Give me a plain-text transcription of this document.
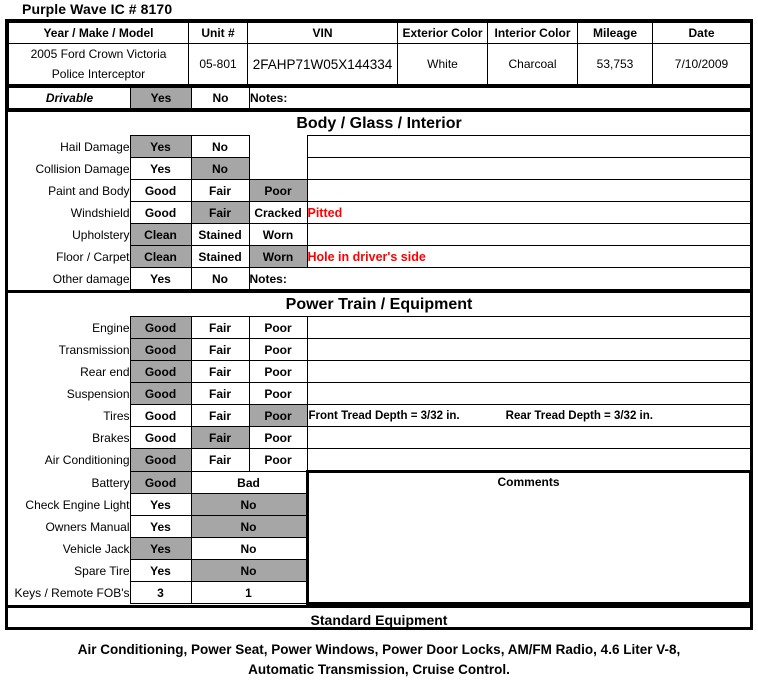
Purple Wave IC # 8170
Year / Make / Model	Unit #	VIN	Exterior Color	Interior Color	Mileage	Date

2005 Ford Crown Victoria
Police Interceptor	05-801	2FAHP71W05X144334	White	Charcoal	53,753	7/10/2009
Drivable	Yes	No	Notes:
Body / Glass / Interior
Hail Damage	Yes	No		
Collision Damage	Yes	No		
Paint and Body	Good	Fair	Poor	
Windshield	Good	Fair	Cracked	Pitted
Upholstery	Clean	Stained	Worn	
Floor / Carpet	Clean	Stained	Worn	Hole in driver's side
Other damage	Yes	No	Notes:	
Power Train / Equipment
Engine	Good	Fair	Poor	
Transmission	Good	Fair	Poor	
Rear end	Good	Fair	Poor	
Suspension	Good	Fair	Poor	
Tires	Good	Fair	Poor	Front Tread Depth = 3/32 in. Rear Tread Depth = 3/32 in.

Brakes	Good	Fair	Poor	
Air Conditioning	Good	Fair	Poor	
Battery	Good	Bad		Comments
Check Engine Light	Yes	No		
Owners Manual	Yes	No		
Vehicle Jack	Yes	No		
Spare Tire	Yes	No		
Keys / Remote FOB's	3	1		
Standard Equipment
Air Conditioning, Power Seat, Power Windows, Power Door Locks, AM/FM Radio, 4.6 Liter V-8,
Automatic Transmission, Cruise Control.
